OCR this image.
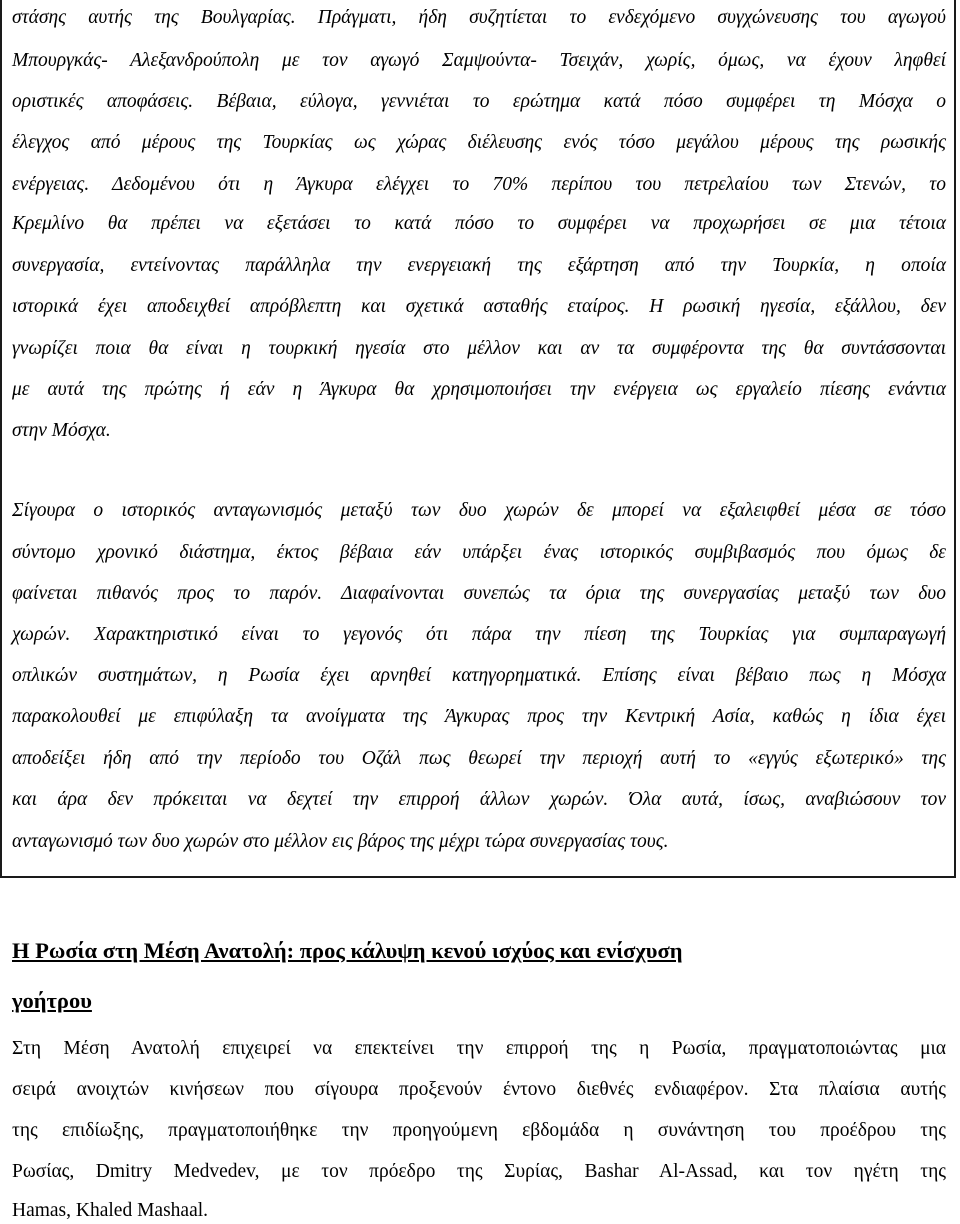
στάσης αυτής της Βουλγαρίας. Πράγματι, ήδη συζητίεται το ενδεχόμενο συγχώνευσης του αγωγού
Μπουργκάς- Αλεξανδρούπολη με τον αγωγό Σαμψούντα- Τσειχάν, χωρίς, όμως, να έχουν ληφθεί
οριστικές αποφάσεις. Βέβαια, εύλογα, γεννιέται το ερώτημα κατά πόσο συμφέρει τη Μόσχα ο
έλεγχος από μέρους της Τουρκίας ως χώρας διέλευσης ενός τόσο μεγάλου μέρους της ρωσικής
ενέργειας. Δεδομένου ότι η Άγκυρα ελέγχει το 70% περίπου του πετρελαίου των Στενών, το
Κρεμλίνο θα πρέπει να εξετάσει το κατά πόσο το συμφέρει να προχωρήσει σε μια τέτοια
συνεργασία, εντείνοντας παράλληλα την ενεργειακή της εξάρτηση από την Τουρκία, η οποία
ιστορικά έχει αποδειχθεί απρόβλεπτη και σχετικά ασταθής εταίρος. Η ρωσική ηγεσία, εξάλλου, δεν
γνωρίζει ποια θα είναι η τουρκική ηγεσία στο μέλλον και αν τα συμφέροντα της θα συντάσσονται
με αυτά της πρώτης ή εάν η Άγκυρα θα χρησιμοποιήσει την ενέργεια ως εργαλείο πίεσης ενάντια
στην Μόσχα.
Σίγουρα ο ιστορικός ανταγωνισμός μεταξύ των δυο χωρών δε μπορεί να εξαλειφθεί μέσα σε τόσο
σύντομο χρονικό διάστημα, έκτος βέβαια εάν υπάρξει ένας ιστορικός συμβιβασμός που όμως δε
φαίνεται πιθανός προς το παρόν. Διαφαίνονται συνεπώς τα όρια της συνεργασίας μεταξύ των δυο
χωρών. Χαρακτηριστικό είναι το γεγονός ότι πάρα την πίεση της Τουρκίας για συμπαραγωγή
οπλικών συστημάτων, η Ρωσία έχει αρνηθεί κατηγορηματικά. Επίσης είναι βέβαιο πως η Μόσχα
παρακολουθεί με επιφύλαξη τα ανοίγματα της Άγκυρας προς την Κεντρική Ασία, καθώς η ίδια έχει
αποδείξει ήδη από την περίοδο του Οζάλ πως θεωρεί την περιοχή αυτή το «εγγύς εξωτερικό» της
και άρα δεν πρόκειται να δεχτεί την επιρροή άλλων χωρών. Όλα αυτά, ίσως, αναβιώσουν τον
ανταγωνισμό των δυο χωρών στο μέλλον εις βάρος της μέχρι τώρα συνεργασίας τους.
Η Ρωσία στη Μέση Ανατολή: προς κάλυψη κενού ισχύος και ενίσχυση
γοήτρου
Στη Μέση Ανατολή επιχειρεί να επεκτείνει την επιρροή της η Ρωσία, πραγματοποιώντας μια
σειρά ανοιχτών κινήσεων που σίγουρα προξενούν έντονο διεθνές ενδιαφέρον. Στα πλαίσια αυτής
της επιδίωξης, πραγματοποιήθηκε την προηγούμενη εβδομάδα η συνάντηση του προέδρου της
Ρωσίας, Dmitry Medvedev, με τον πρόεδρο της Συρίας, Bashar Al-Assad, και τον ηγέτη της
Hamas, Khaled Mashaal.
